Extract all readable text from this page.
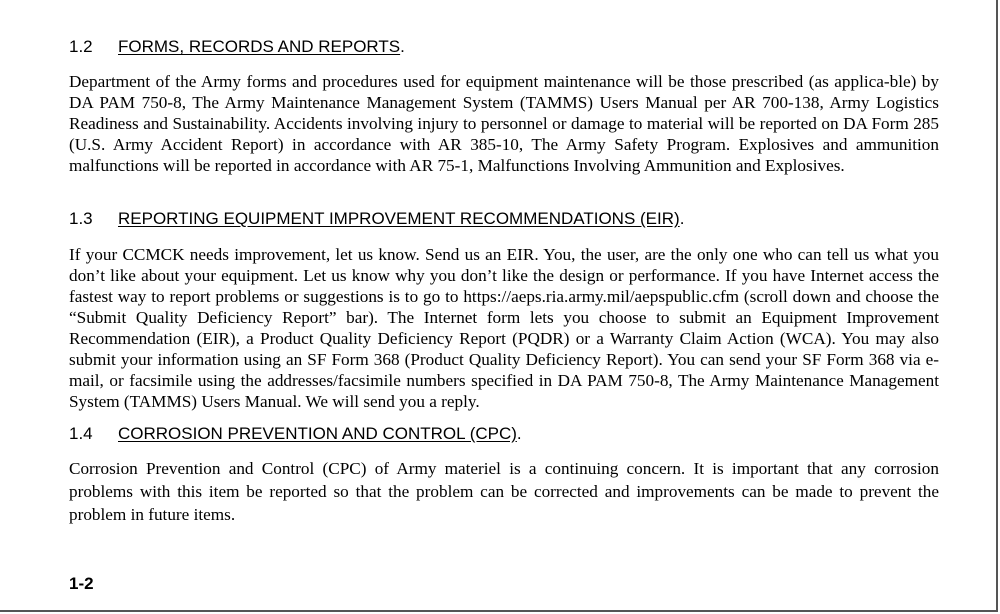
1.2 FORMS, RECORDS AND REPORTS.

Department of the Army forms and procedures used for equipment maintenance will be those prescribed (as applica-ble) by DA PAM 750-8, The Army Maintenance Management System (TAMMS) Users Manual per AR 700-138, Army Logistics Readiness and Sustainability. Accidents involving injury to personnel or damage to material will be reported on DA Form 285 (U.S. Army Accident Report) in accordance with AR 385-10, The Army Safety Program. Explosives and ammunition malfunctions will be reported in accordance with AR 75-1, Malfunctions Involving Ammunition and Explosives.

1.3 REPORTING EQUIPMENT IMPROVEMENT RECOMMENDATIONS (EIR).

If your CCMCK needs improvement, let us know. Send us an EIR. You, the user, are the only one who can tell us what you don’t like about your equipment. Let us know why you don’t like the design or performance. If you have Internet access the fastest way to report problems or suggestions is to go to https://aeps.ria.army.mil/aepspublic.cfm (scroll down and choose the “Submit Quality Deficiency Report” bar). The Internet form lets you choose to submit an Equipment Improvement Recommendation (EIR), a Product Quality Deficiency Report (PQDR) or a Warranty Claim Action (WCA). You may also submit your information using an SF Form 368 (Product Quality Deficiency Report). You can send your SF Form 368 via e-mail, or facsimile using the addresses/facsimile numbers specified in DA PAM 750-8, The Army Maintenance Management System (TAMMS) Users Manual. We will send you a reply.

1.4 CORROSION PREVENTION AND CONTROL (CPC).

Corrosion Prevention and Control (CPC) of Army materiel is a continuing concern. It is important that any corrosion problems with this item be reported so that the problem can be corrected and improvements can be made to prevent the problem in future items.

1-2
